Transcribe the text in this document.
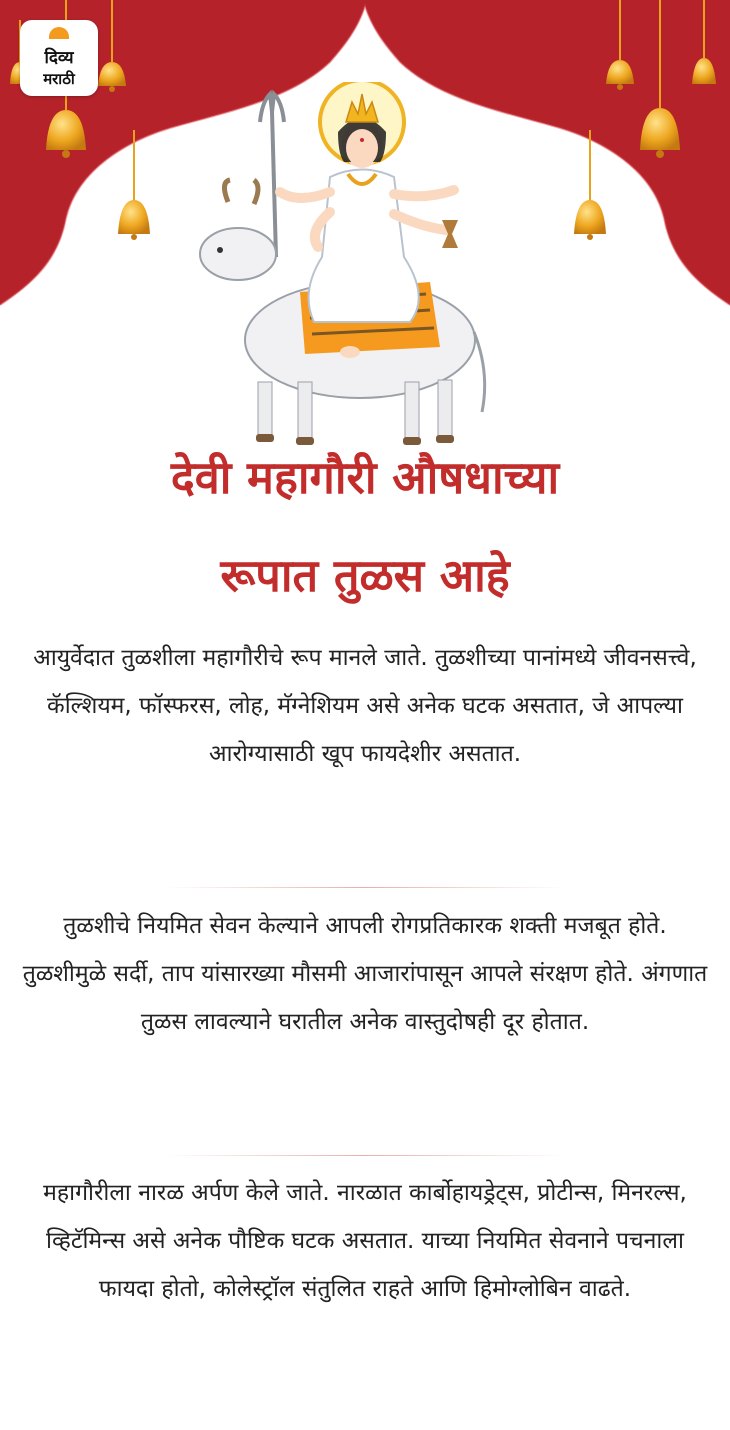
दिव्य
मराठी
देवी महागौरी औषधाच्या
रूपात तुळस आहे

आयुर्वेदात तुळशीला महागौरीचे रूप मानले जाते. तुळशीच्या पानांमध्ये जीवनसत्त्वे, कॅल्शियम, फॉस्फरस, लोह, मॅग्नेशियम असे अनेक घटक असतात, जे आपल्या आरोग्यासाठी खूप फायदेशीर असतात.

तुळशीचे नियमित सेवन केल्याने आपली रोगप्रतिकारक शक्ती मजबूत होते. तुळशीमुळे सर्दी, ताप यांसारख्या मौसमी आजारांपासून आपले संरक्षण होते. अंगणात तुळस लावल्याने घरातील अनेक वास्तुदोषही दूर होतात.

महागौरीला नारळ अर्पण केले जाते. नारळात कार्बोहायड्रेट्स, प्रोटीन्स, मिनरल्स, व्हिटॅमिन्स असे अनेक पौष्टिक घटक असतात. याच्या नियमित सेवनाने पचनाला फायदा होतो, कोलेस्ट्रॉल संतुलित राहते आणि हिमोग्लोबिन वाढते.
